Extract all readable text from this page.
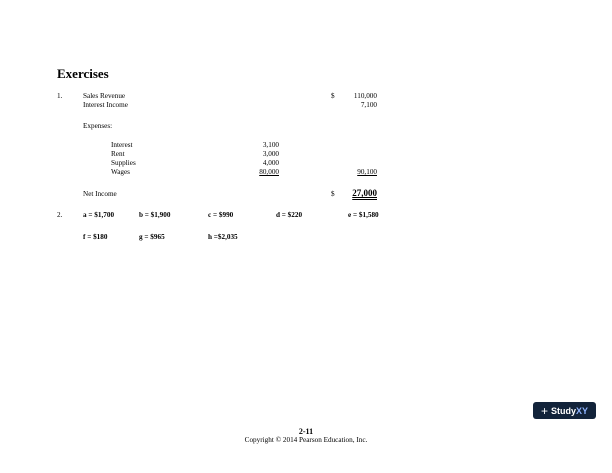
Exercises
1.	Sales Revenue	$	110,000
Interest Income	7,100
Expenses:
Interest	3,100
Rent	3,000
Supplies	4,000
Wages	80,000	90,100
Net Income	$	27,000
2.	a = $1,700	b = $1,900	c = $990	d = $220	e = $1,580
f = $180	g = $965	h =$2,035
+ StudyXY
2-11
Copyright © 2014 Pearson Education, Inc.
